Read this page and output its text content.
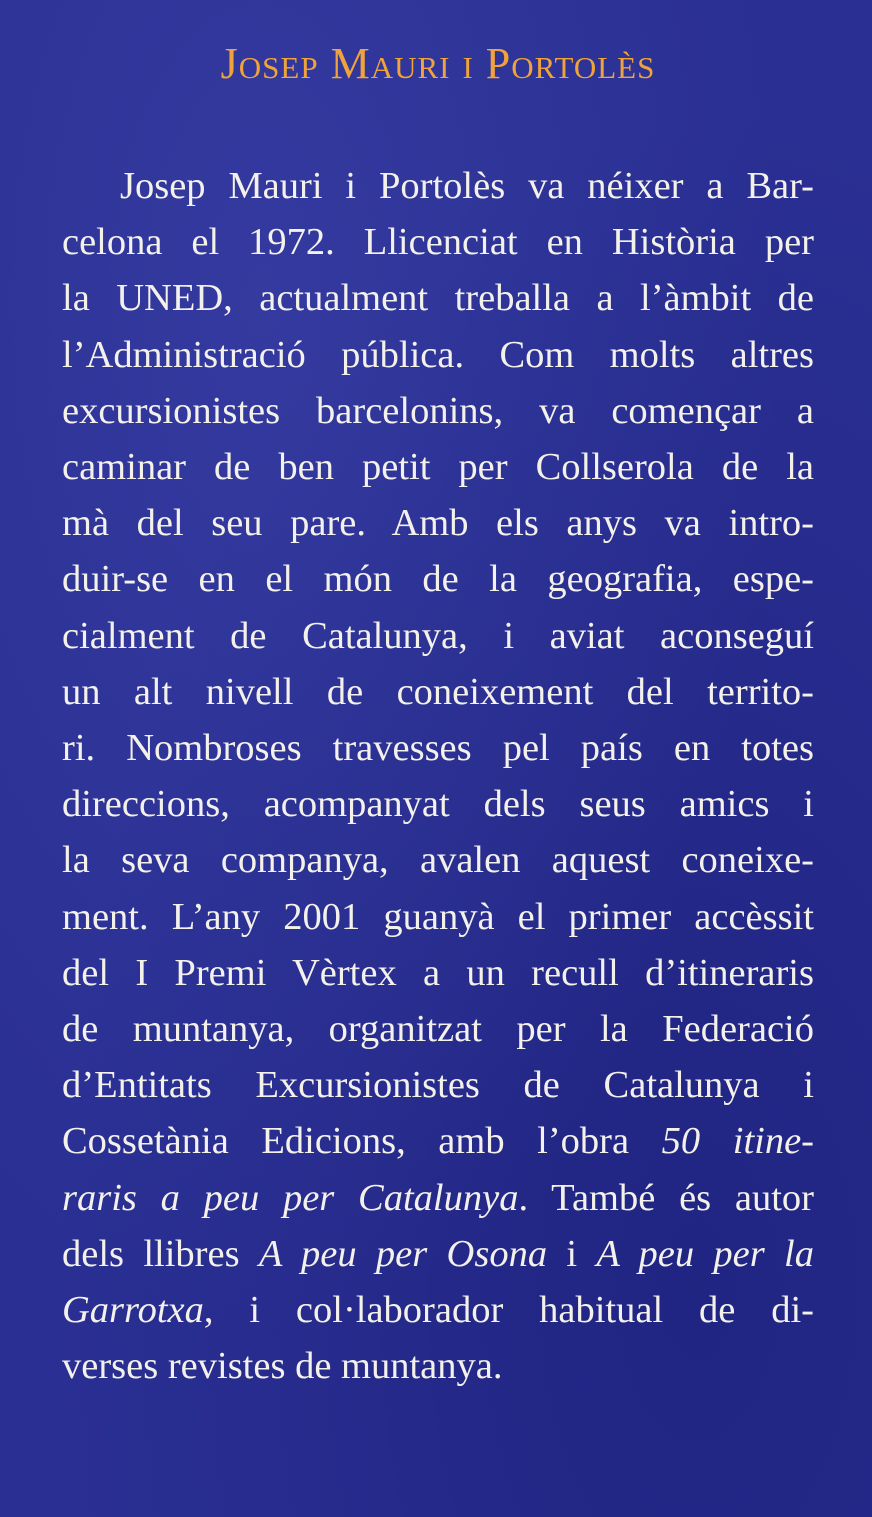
Josep Mauri i Portolès
Josep Mauri i Portolès va néixer a Bar-
celona el 1972. Llicenciat en Història per
la UNED, actualment treballa a l’àmbit de
l’Administració pública. Com molts altres
excursionistes barcelonins, va començar a
caminar de ben petit per Collserola de la
mà del seu pare. Amb els anys va intro-
duir-se en el món de la geografia, espe-
cialment de Catalunya, i aviat aconseguí
un alt nivell de coneixement del territo-
ri. Nombroses travesses pel país en totes
direccions, acompanyat dels seus amics i
la seva companya, avalen aquest coneixe-
ment. L’any 2001 guanyà el primer accèssit
del I Premi Vèrtex a un recull d’itineraris
de muntanya, organitzat per la Federació
d’Entitats Excursionistes de Catalunya i
Cossetània Edicions, amb l’obra 50 itine-
raris a peu per Catalunya. També és autor
dels llibres A peu per Osona i A peu per la
Garrotxa, i col·laborador habitual de di-
verses revistes de muntanya.
